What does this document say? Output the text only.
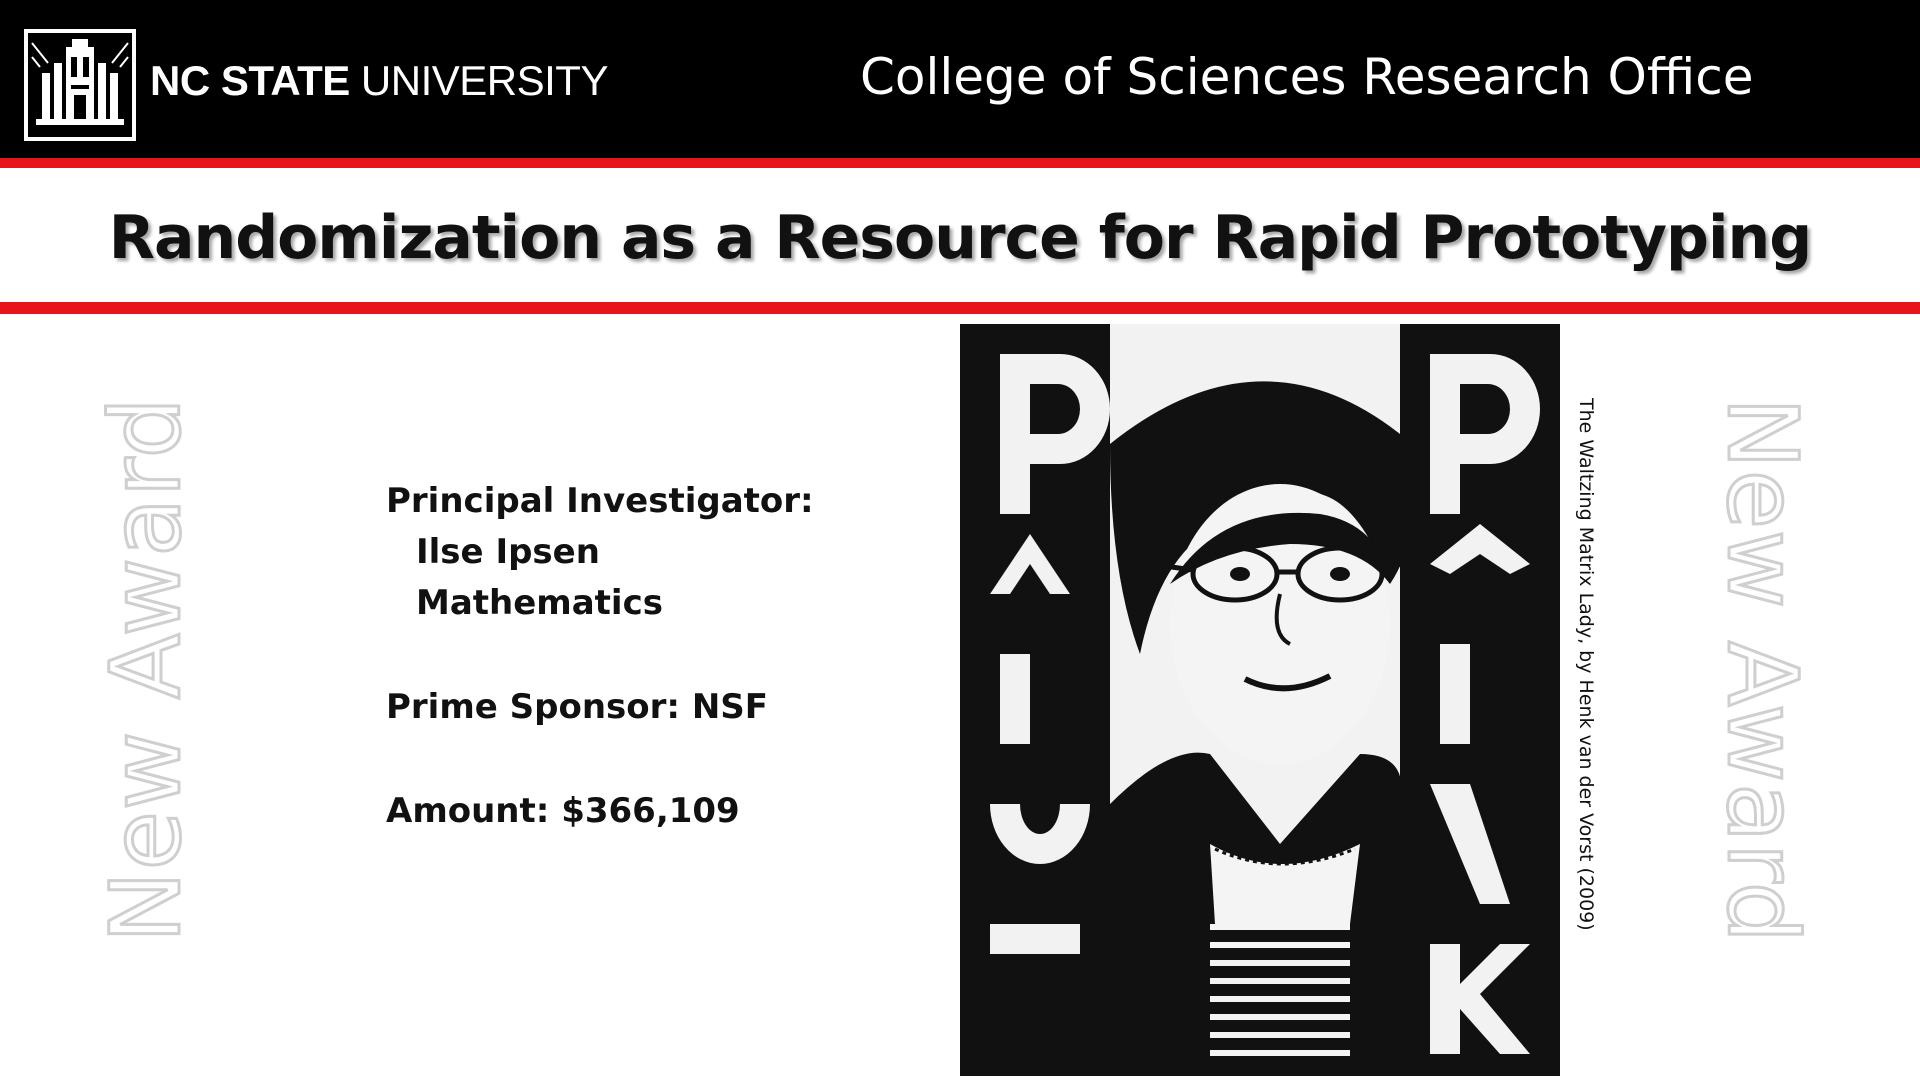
NC STATE UNIVERSITY	College of Sciences Research Office
Randomization as a Resource for Rapid Prototyping
New Award	New Award
Principal Investigator:
Ilse Ipsen
Mathematics
Prime Sponsor: NSF
Amount: $366,109	The Waltzing Matrix Lady, by Henk van der Vorst (2009)
